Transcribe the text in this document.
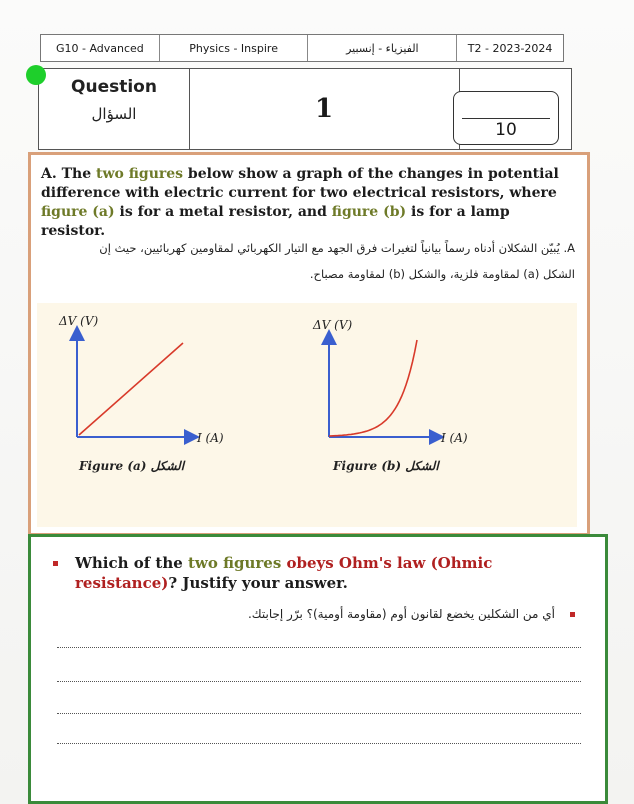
G10 - Advanced	Physics - Inspire	الفيزياء - إنسبير	T2 - 2023-2024
Question
السؤال	1
10
A. The two figures below show a graph of the changes in potential difference with electric current for two electrical resistors, where figure (a) is for a metal resistor, and figure (b) is for a lamp resistor.
A. يُبيّن الشكلان أدناه رسماً بيانياً لتغيرات فرق الجهد مع التيار الكهربائي لمقاومين كهربائيين، حيث إن
الشكل (a) لمقاومة فلزية، والشكل (b) لمقاومة مصباح.
ΔV (V)
I (A)
ΔV (V)
I (A)
Figure (a) الشكل	Figure (b) الشكل
Which of the two figures obeys Ohm's law (Ohmic resistance)? Justify your answer.
أي من الشكلين يخضع لقانون أوم (مقاومة أومية)؟ برّر إجابتك.
